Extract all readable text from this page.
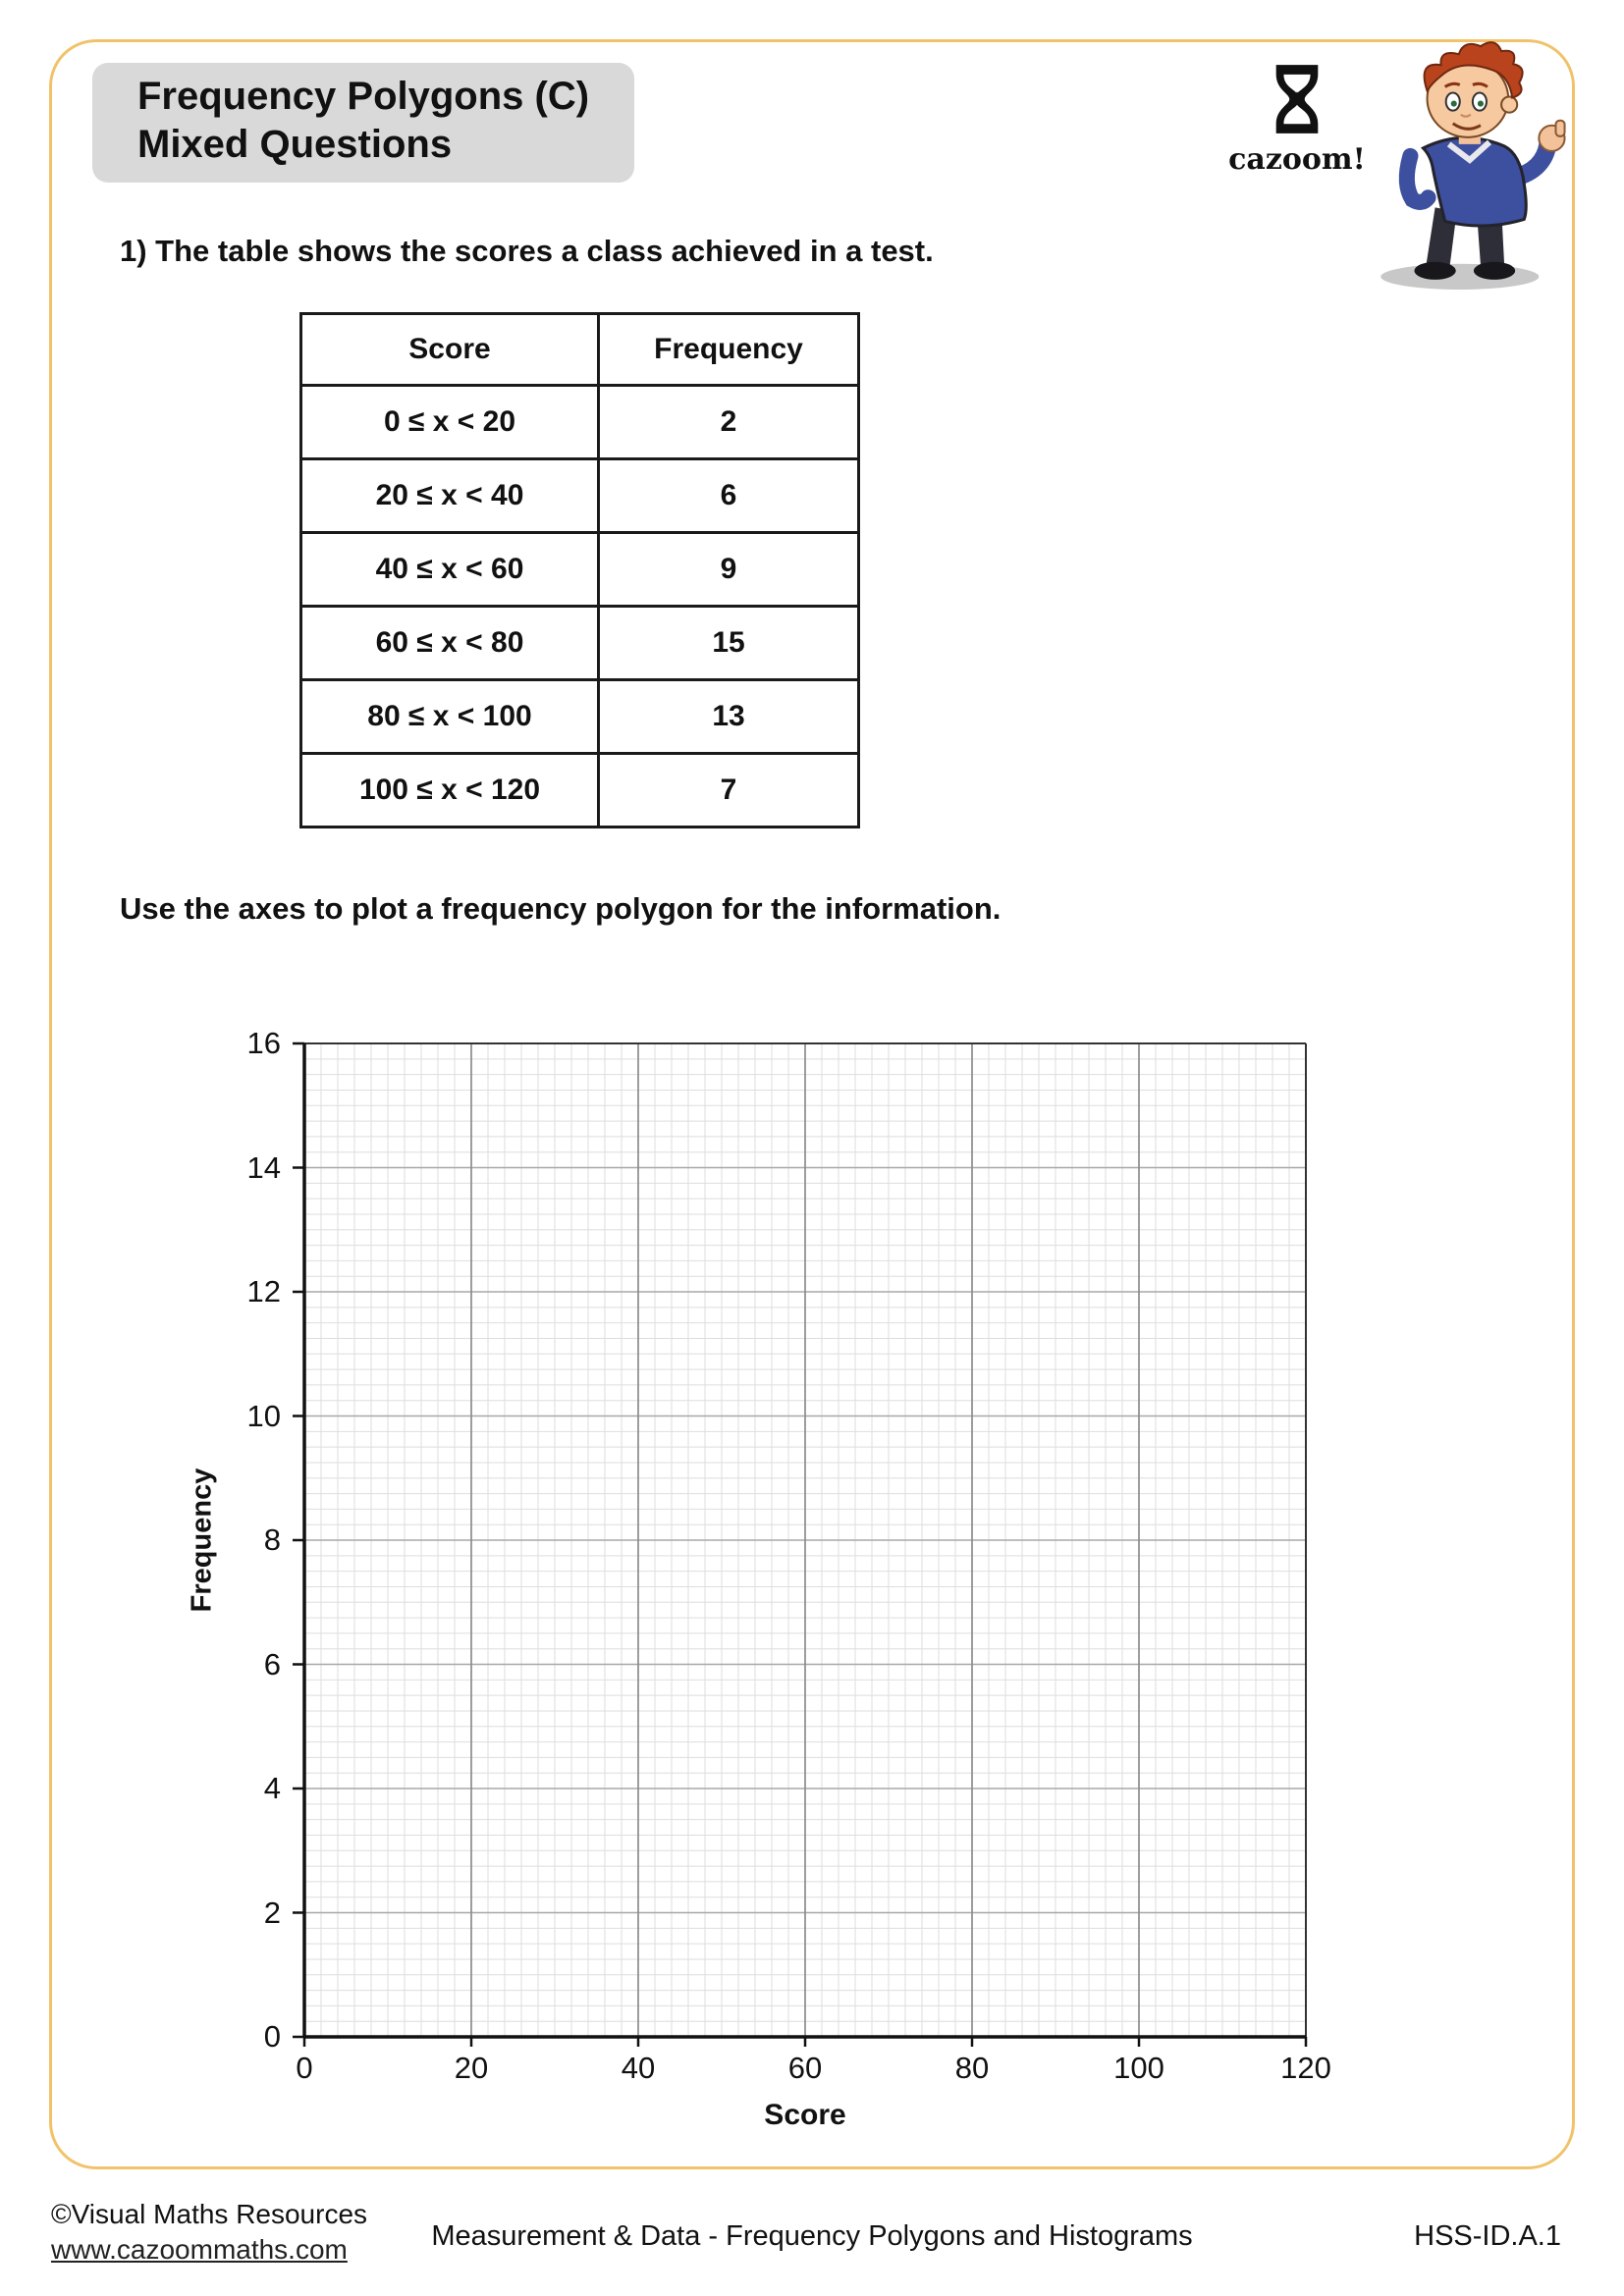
Frequency Polygons (C)
Mixed Questions	cazoom!
1) The table shows the scores a class achieved in a test.
Score	Frequency
0 ≤ x < 20	2
20 ≤ x < 40	6
40 ≤ x < 60	9
60 ≤ x < 80	15
80 ≤ x < 100	13
100 ≤ x < 120	7
Use the axes to plot a frequency polygon for the information.
Frequency
0
2
4
6
8
10
12
14
16
0	20	40	60	80	100	120
Score
©Visual Maths Resources
www.cazoommaths.com	Measurement & Data - Frequency Polygons and Histograms	HSS-ID.A.1
